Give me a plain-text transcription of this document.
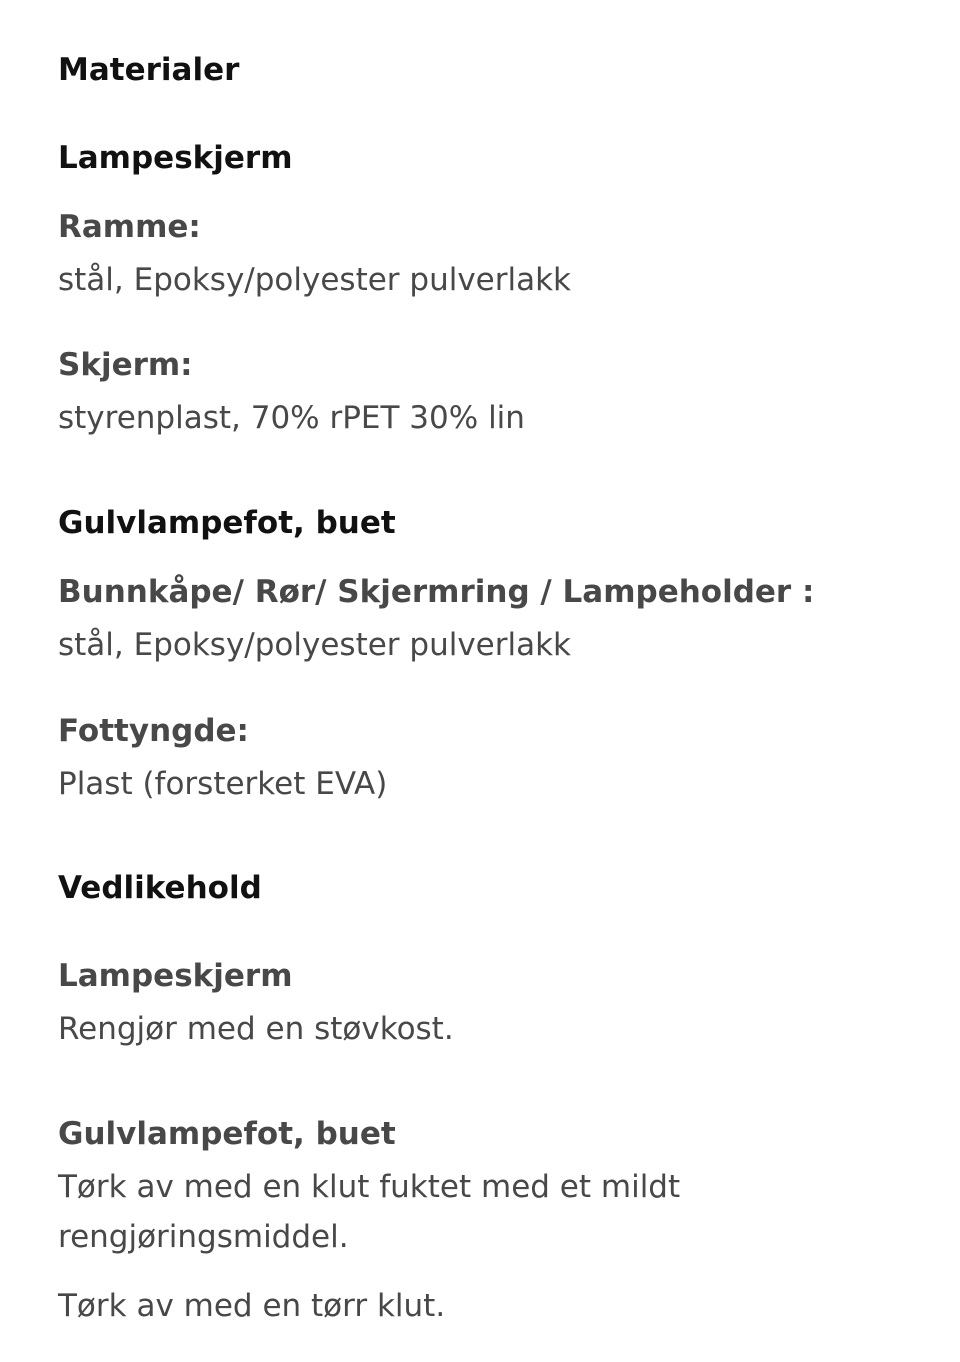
Materialer
Lampeskjerm
Ramme:
stål, Epoksy/polyester pulverlakk
Skjerm:
styrenplast, 70% rPET 30% lin
Gulvlampefot, buet
Bunnkåpe/ Rør/ Skjermring / Lampeholder :
stål, Epoksy/polyester pulverlakk
Fottyngde:
Plast (forsterket EVA)
Vedlikehold
Lampeskjerm
Rengjør med en støvkost.
Gulvlampefot, buet
Tørk av med en klut fuktet med et mildt rengjøringsmiddel.
Tørk av med en tørr klut.
